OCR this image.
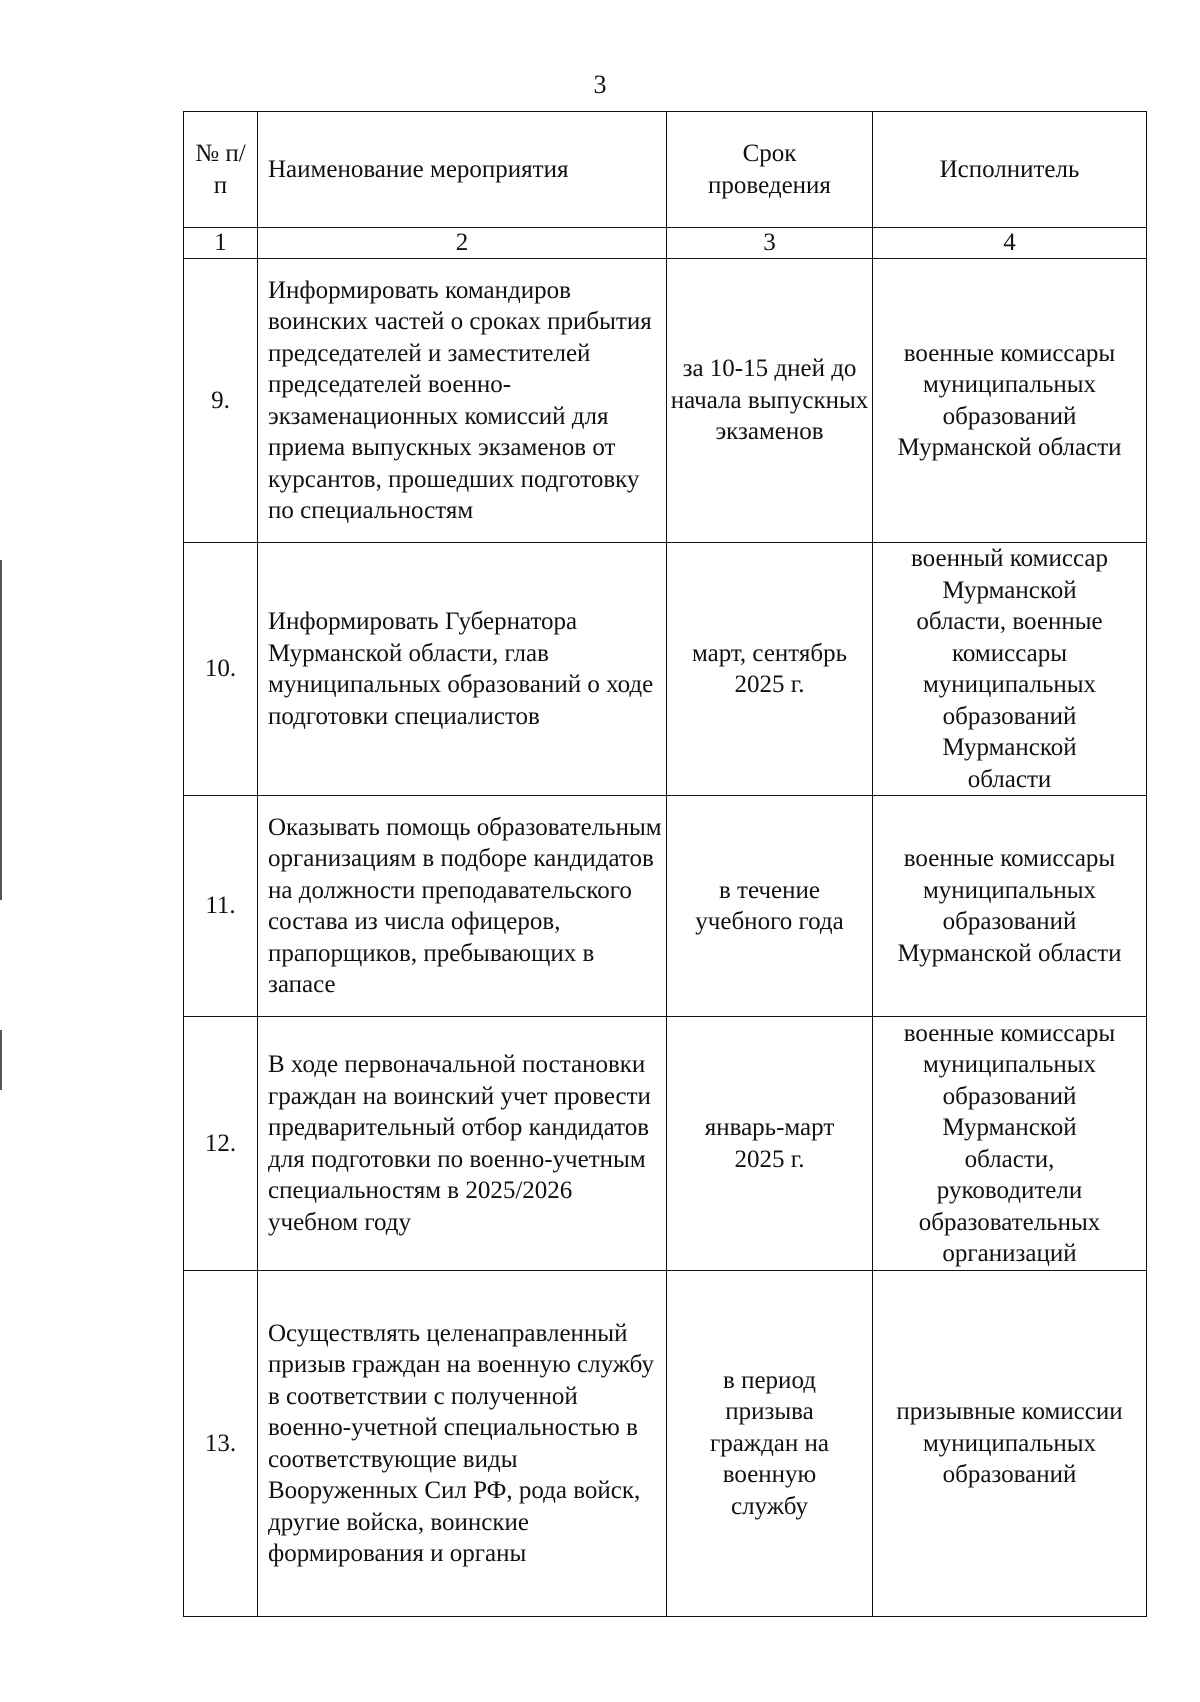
3
№ п/п	Наименование мероприятия	Срок проведения	Исполнитель
1	2	3	4
9.	Информировать командиров воинских частей о сроках прибытия председателей и заместителей председателей военно-экзаменационных комиссий для приема выпускных экзаменов от курсантов, прошедших подготовку по специальностям	за 10-15 дней до начала выпускных экзаменов	военные комиссары муниципальных образований Мурманской области
10.	Информировать Губернатора Мурманской области, глав муниципальных образований о ходе подготовки специалистов	март, сентябрь 2025 г.	военный комиссар Мурманской области, военные комиссары муниципальных образований Мурманской области
11.	Оказывать помощь образовательным организациям в подборе кандидатов на должности преподавательского состава из числа офицеров, прапорщиков, пребывающих в запасе	в течение учебного года	военные комиссары муниципальных образований Мурманской области
12.	В ходе первоначальной постановки граждан на воинский учет провести предварительный отбор кандидатов для подготовки по военно-учетным специальностям в 2025/2026 учебном году	январь-март 2025 г.	военные комиссары муниципальных образований Мурманской области, руководители образовательных организаций
13.	Осуществлять целенаправленный призыв граждан на военную службу в соответствии с полученной военно-учетной специальностью в соответствующие виды Вооруженных Сил РФ, рода войск, другие войска, воинские формирования и органы	в период призыва граждан на военную службу	призывные комиссии муниципальных образований
